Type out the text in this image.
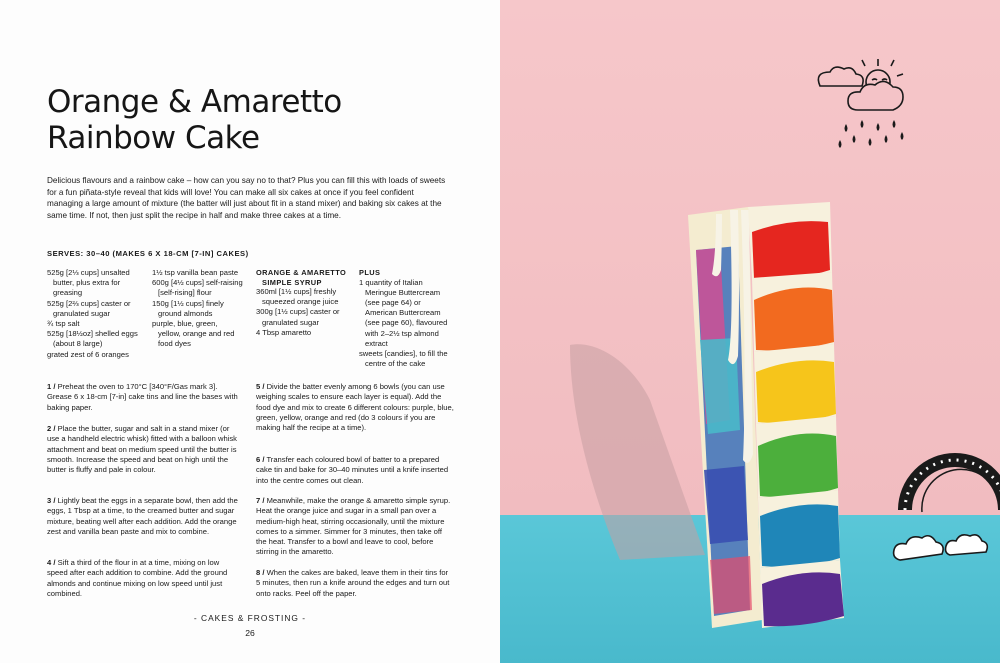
Orange & Amaretto
Rainbow Cake

Delicious flavours and a rainbow cake – how can you say no to that? Plus you can fill this with loads of sweets for a fun piñata-style reveal that kids will love! You can make all six cakes at once if you feel confident managing a large amount of mixture (the batter will just about fit in a stand mixer) and baking six cakes at the same time. If not, then just split the recipe in half and make three cakes at a time.

SERVES: 30–40 (MAKES 6 X 18-CM [7-IN] CAKES)

525g [2⅓ cups] unsalted
butter, plus extra for
greasing
525g [2⅔ cups] caster or
granulated sugar
¾ tsp salt
525g [18½oz] shelled eggs
(about 8 large)
grated zest of 6 oranges
1½ tsp vanilla bean paste
600g [4½ cups] self-raising
[self-rising] flour
150g [1½ cups] finely
ground almonds
purple, blue, green,
yellow, orange and red
food dyes
ORANGE & AMARETTO
SIMPLE SYRUP
360ml [1½ cups] freshly
squeezed orange juice
300g [1½ cups] caster or
granulated sugar
4 Tbsp amaretto
PLUS
1 quantity of Italian
Meringue Buttercream
(see page 64) or
American Buttercream
(see page 60), flavoured
with 2–2½ tsp almond
extract
sweets [candies], to fill the
centre of the cake

1 / Preheat the oven to 170°C [340°F/Gas mark 3]. Grease 6 x 18-cm [7-in] cake tins and line the bases with baking paper.

2 / Place the butter, sugar and salt in a stand mixer (or use a handheld electric whisk) fitted with a balloon whisk attachment and beat on medium speed until the butter is smooth. Increase the speed and beat on high until the butter is fluffy and pale in colour.

3 / Lightly beat the eggs in a separate bowl, then add the eggs, 1 Tbsp at a time, to the creamed butter and sugar mixture, beating well after each addition. Add the orange zest and vanilla bean paste and mix to combine.

4 / Sift a third of the flour in at a time, mixing on low speed after each addition to combine. Add the ground almonds and continue mixing on low speed until just combined.

5 / Divide the batter evenly among 6 bowls (you can use weighing scales to ensure each layer is equal). Add the food dye and mix to create 6 different colours: purple, blue, green, yellow, orange and red (do 3 colours if you are making half the recipe at a time).

6 / Transfer each coloured bowl of batter to a prepared cake tin and bake for 30–40 minutes until a knife inserted into the centre comes out clean.

7 / Meanwhile, make the orange & amaretto simple syrup. Heat the orange juice and sugar in a small pan over a medium-high heat, stirring occasionally, until the mixture comes to a simmer. Simmer for 3 minutes, then take off the heat. Transfer to a bowl and leave to cool, before stirring in the amaretto.

8 / When the cakes are baked, leave them in their tins for 5 minutes, then run a knife around the edges and turn out onto racks. Peel off the paper.

- CAKES & FROSTING -
26
